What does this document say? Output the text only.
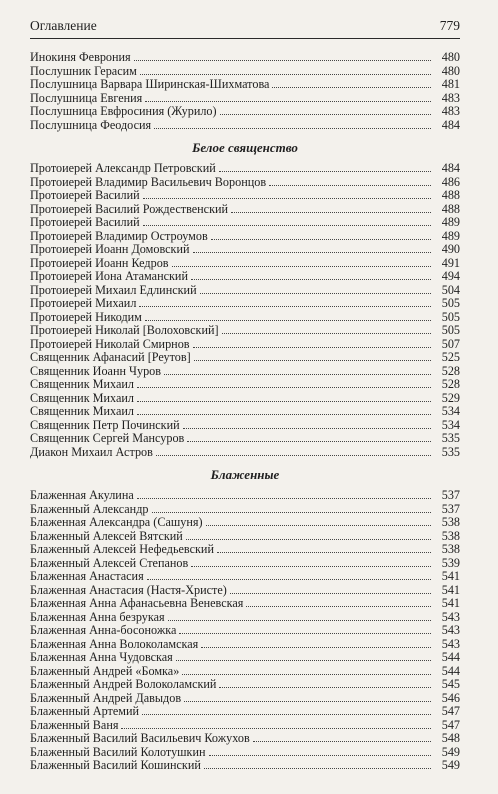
Оглавление	779
Инокиня Феврония	480
Послушник Герасим	480
Послушница Варвара Ширинская-Шихматова	481
Послушница Евгения	483
Послушница Евфросиния (Журило)	483
Послушница Феодосия	484
Белое священство
Протоиерей Александр Петровский	484
Протоиерей Владимир Васильевич Воронцов	486
Протоиерей Василий	488
Протоиерей Василий Рождественский	488
Протоиерей Василий	489
Протоиерей Владимир Остроумов	489
Протоиерей Иоанн Домовский	490
Протоиерей Иоанн Кедров	491
Протоиерей Иона Атаманский	494
Протоиерей Михаил Едлинский	504
Протоиерей Михаил	505
Протоиерей Никодим	505
Протоиерей Николай [Волоховский]	505
Протоиерей Николай Смирнов	507
Священник Афанасий [Реутов]	525
Священник Иоанн Чуров	528
Священник Михаил	528
Священник Михаил	529
Священник Михаил	534
Священник Петр Починский	534
Священник Сергей Мансуров	535
Диакон Михаил Астров	535
Блаженные
Блаженная Акулина	537
Блаженный Александр	537
Блаженная Александра (Сашуня)	538
Блаженный Алексей Вятский	538
Блаженный Алексей Нефедьевский	538
Блаженный Алексей Степанов	539
Блаженная Анастасия	541
Блаженная Анастасия (Настя-Христе)	541
Блаженная Анна Афанасьевна Веневская	541
Блаженная Анна безрукая	543
Блаженная Анна-босоножка	543
Блаженная Анна Волоколамская	543
Блаженная Анна Чудовская	544
Блаженный Андрей «Бомка»	544
Блаженный Андрей Волоколамский	545
Блаженный Андрей Давыдов	546
Блаженный Артемий	547
Блаженный Ваня	547
Блаженный Василий Васильевич Кожухов	548
Блаженный Василий Колотушкин	549
Блаженный Василий Кошинский	549
